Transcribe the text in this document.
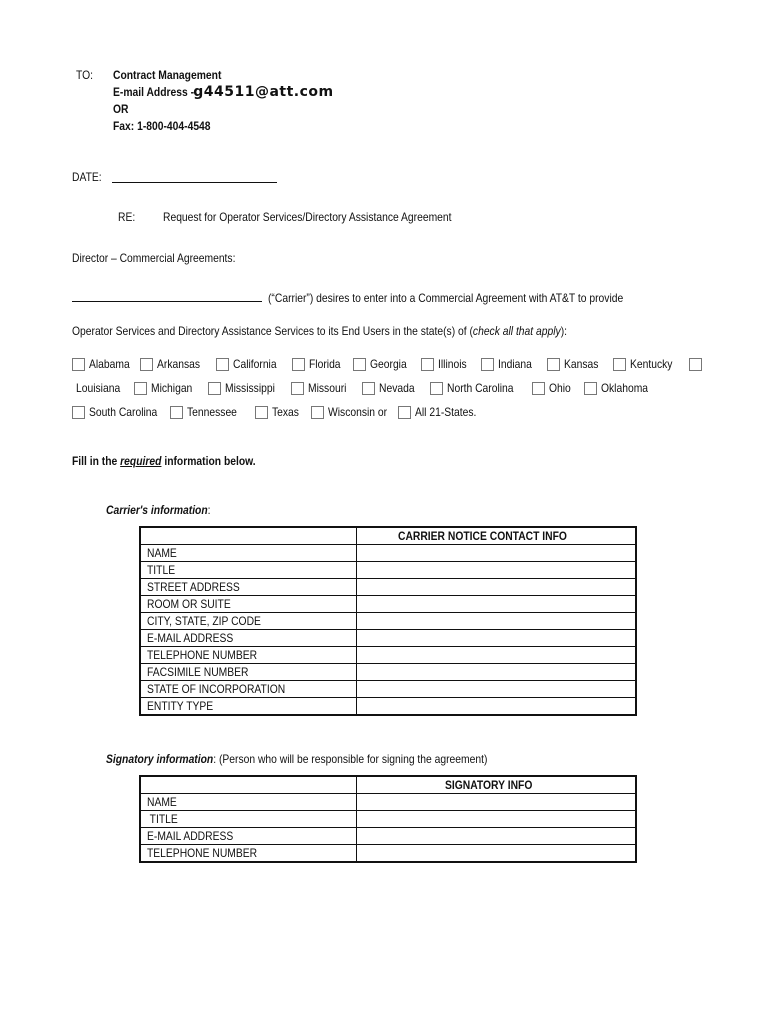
TO: Contract Management
E-mail Address -g44511@att.com
OR
Fax: 1-800-404-4548
DATE:
RE: Request for Operator Services/Directory Assistance Agreement
Director – Commercial Agreements:
(“Carrier”) desires to enter into a Commercial Agreement with AT&T to provide
Operator Services and Directory Assistance Services to its End Users in the state(s) of (check all that apply):
Alabama	Arkansas	California	Florida	Georgia	Illinois	Indiana	Kansas	Kentucky
Louisiana	Michigan	Mississippi	Missouri	Nevada	North Carolina	Ohio	Oklahoma
South Carolina	Tennessee	Texas	Wisconsin or	All 21-States.
Fill in the required information below.
Carrier's information:
	CARRIER NOTICE CONTACT INFO
NAME	
TITLE	
STREET ADDRESS	
ROOM OR SUITE	
CITY, STATE, ZIP CODE	
E-MAIL ADDRESS	
TELEPHONE NUMBER	
FACSIMILE NUMBER	
STATE OF INCORPORATION	
ENTITY TYPE	
Signatory information: (Person who will be responsible for signing the agreement)
	SIGNATORY INFO
NAME	
TITLE	
E-MAIL ADDRESS	
TELEPHONE NUMBER	
